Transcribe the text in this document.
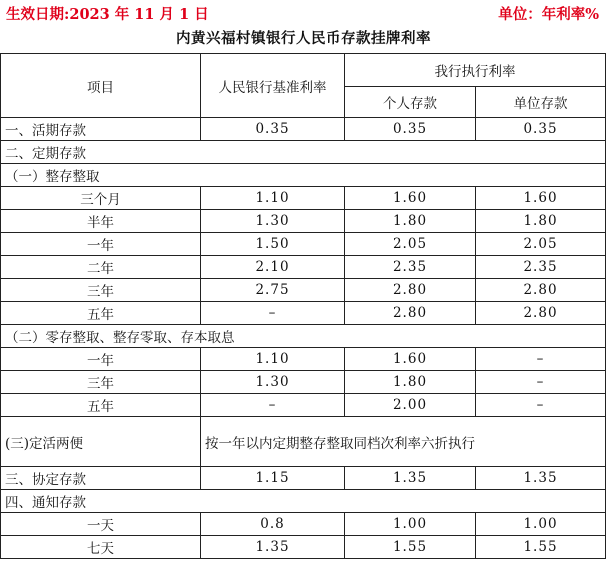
生效日期:2023 年 11 月 1 日	单位：年利率%
内黄兴福村镇银行人民币存款挂牌利率
项目	人民银行基准利率	我行执行利率	
		个人存款	单位存款
一、活期存款	0.35	0.35	0.35
二、定期存款			
（一）整存整取			
三个月	1.10	1.60	1.60
半年	1.30	1.80	1.80
一年	1.50	2.05	2.05
二年	2.10	2.35	2.35
三年	2.75	2.80	2.80
五年	–	2.80	2.80
（二）零存整取、整存零取、存本取息			
一年	1.10	1.60	–
三年	1.30	1.80	–
五年	–	2.00	–
(三)定活两便	按一年以内定期整存整取同档次利率六折执行		
三、协定存款	1.15	1.35	1.35
四、通知存款			
一天	0.8	1.00	1.00
七天	1.35	1.55	1.55
